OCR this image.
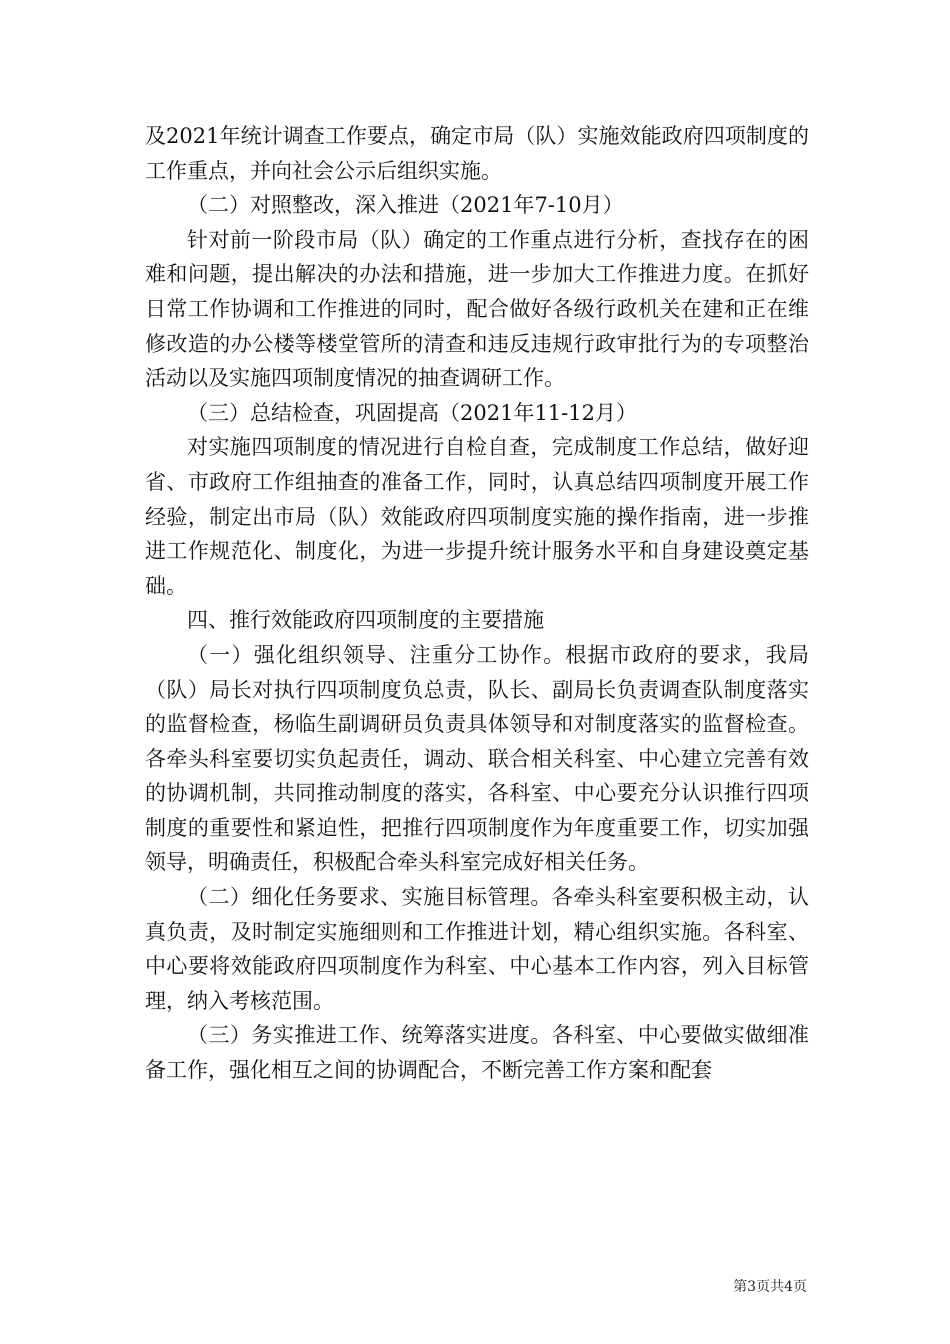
及2021年统计调查工作要点，确定市局（队）实施效能政府四项制度的工作重点，并向社会公示后组织实施。

（二）对照整改，深入推进（2021年7-10月）

针对前一阶段市局（队）确定的工作重点进行分析，查找存在的困难和问题，提出解决的办法和措施，进一步加大工作推进力度。在抓好日常工作协调和工作推进的同时，配合做好各级行政机关在建和正在维修改造的办公楼等楼堂管所的清查和违反违规行政审批行为的专项整治活动以及实施四项制度情况的抽查调研工作。

（三）总结检查，巩固提高（2021年11-12月）

对实施四项制度的情况进行自检自查，完成制度工作总结，做好迎省、市政府工作组抽查的准备工作，同时，认真总结四项制度开展工作经验，制定出市局（队）效能政府四项制度实施的操作指南，进一步推进工作规范化、制度化，为进一步提升统计服务水平和自身建设奠定基础。

四、推行效能政府四项制度的主要措施

（一）强化组织领导、注重分工协作。根据市政府的要求，我局（队）局长对执行四项制度负总责，队长、副局长负责调查队制度落实的监督检查，杨临生副调研员负责具体领导和对制度落实的监督检查。各牵头科室要切实负起责任，调动、联合相关科室、中心建立完善有效的协调机制，共同推动制度的落实，各科室、中心要充分认识推行四项制度的重要性和紧迫性，把推行四项制度作为年度重要工作，切实加强领导，明确责任，积极配合牵头科室完成好相关任务。

（二）细化任务要求、实施目标管理。各牵头科室要积极主动，认真负责，及时制定实施细则和工作推进计划，精心组织实施。各科室、中心要将效能政府四项制度作为科室、中心基本工作内容，列入目标管理，纳入考核范围。

（三）务实推进工作、统筹落实进度。各科室、中心要做实做细准备工作，强化相互之间的协调配合，不断完善工作方案和配套

第3页共4页
